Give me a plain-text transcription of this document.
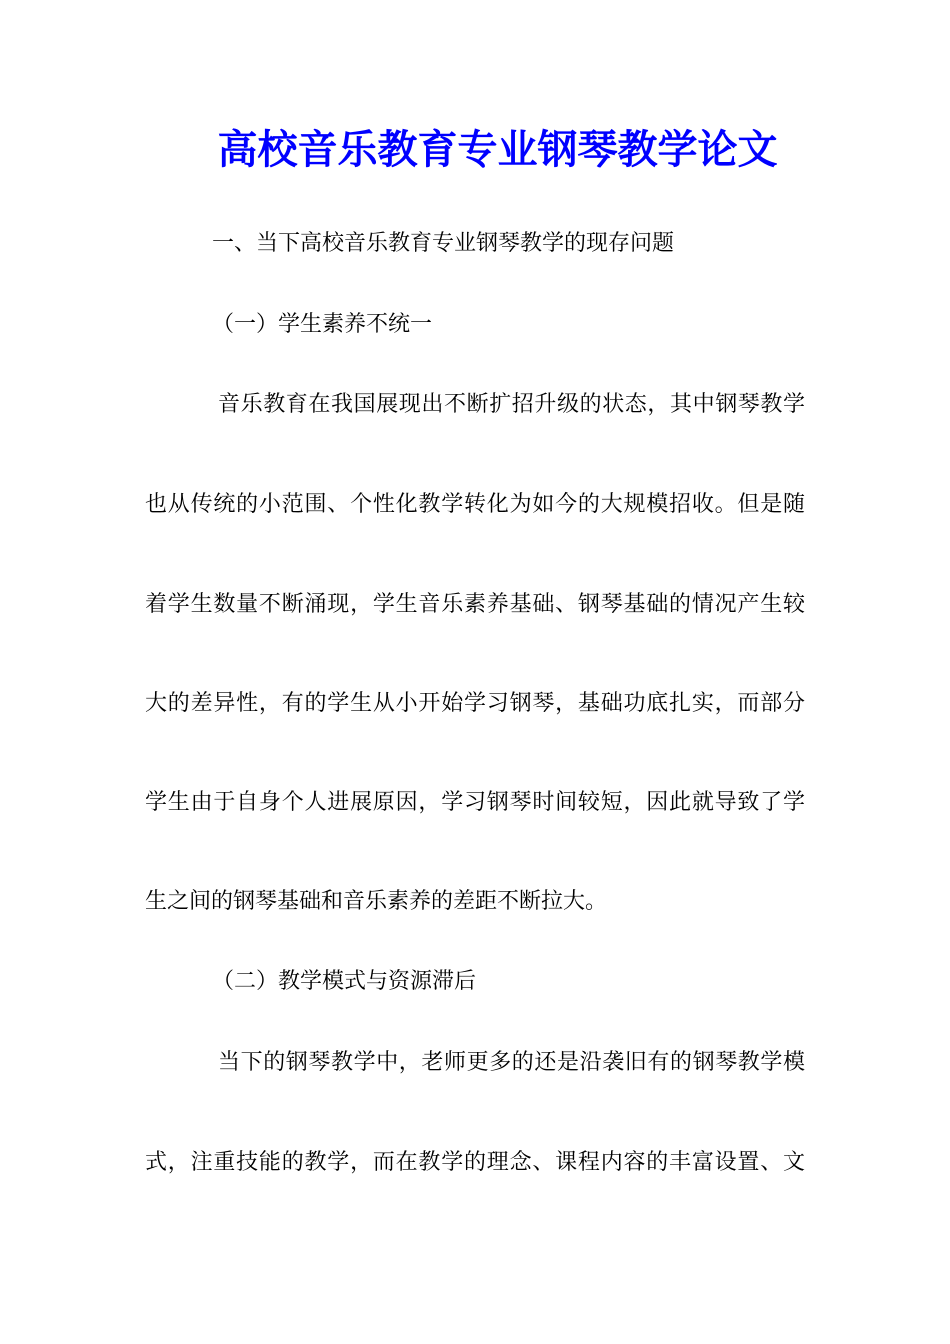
高校音乐教育专业钢琴教学论文
一、当下高校音乐教育专业钢琴教学的现存问题
（一）学生素养不统一
音乐教育在我国展现出不断扩招升级的状态，其中钢琴教学
也从传统的小范围、个性化教学转化为如今的大规模招收。但是随
着学生数量不断涌现，学生音乐素养基础、钢琴基础的情况产生较
大的差异性，有的学生从小开始学习钢琴，基础功底扎实，而部分
学生由于自身个人进展原因，学习钢琴时间较短，因此就导致了学
生之间的钢琴基础和音乐素养的差距不断拉大。
（二）教学模式与资源滞后
当下的钢琴教学中，老师更多的还是沿袭旧有的钢琴教学模
式，注重技能的教学，而在教学的理念、课程内容的丰富设置、文
